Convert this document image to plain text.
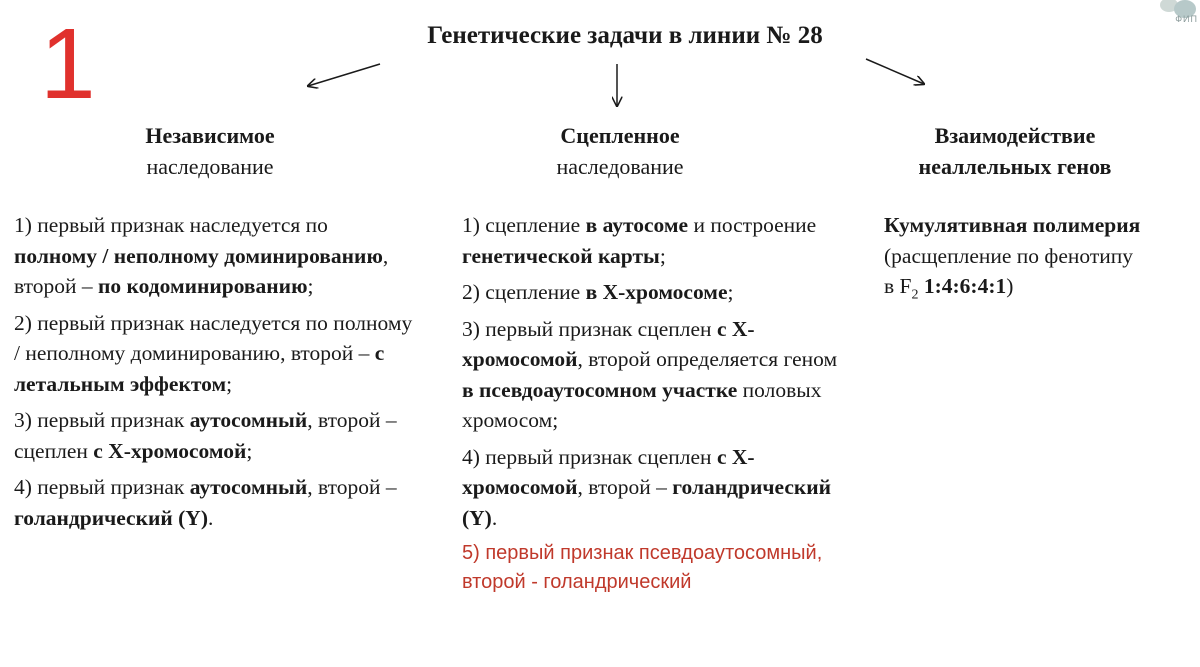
1	Генетические задачи в линии № 28
ФИП
Независимое
наследование
Сцепленное
наследование
Взаимодействие неаллельных генов

1) первый признак наследуется по полному / неполному доминированию, второй – по кодоминированию;

2) первый признак наследуется по полному / неполному доминированию, второй – с летальным эффектом;

3) первый признак аутосомный, второй – сцеплен с Х-хромосомой;

4) первый признак аутосомный, второй – голандрический (Y).

1) сцепление в аутосоме и построение генетической карты;

2) сцепление в Х-хромосоме;

3) первый признак сцеплен с Х-хромосомой, второй определяется геном в псевдоаутосомном участке половых хромосом;

4) первый признак сцеплен с Х-хромосомой, второй – голандрический (Y).

5) первый признак псевдоаутосомный,
второй - голандрический
Кумулятивная полимерия
(расщепление по фенотипу
в $F_2$ 1:4:6:4:1)
